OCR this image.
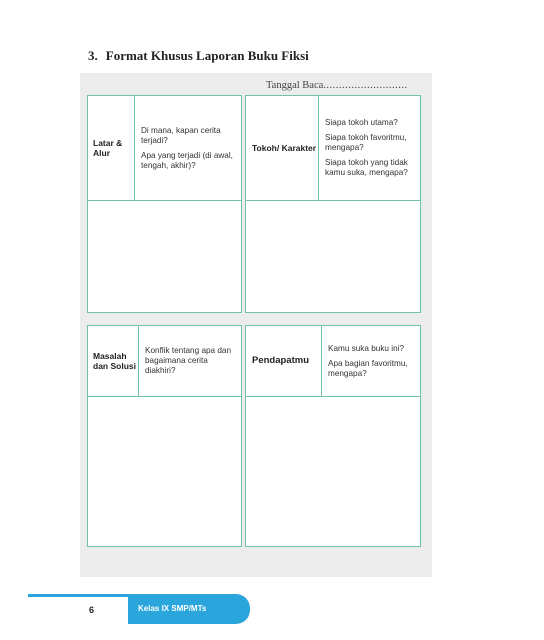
3. Format Khusus Laporan Buku Fiksi
Tanggal Baca...........................
Latar & Alur

Di mana, kapan cerita terjadi?

Apa yang terjadi (di awal, tengah, akhir)?

Tokoh/ Karakter

Siapa tokoh utama?

Siapa tokoh favoritmu, mengapa?

Siapa tokoh yang tidak kamu suka, mengapa?

Masalah dan Solusi

Konflik tentang apa dan bagaimana cerita diakhiri?

Pendapatmu

Kamu suka buku ini?

Apa bagian favoritmu, mengapa?

6	Kelas IX SMP/MTs
